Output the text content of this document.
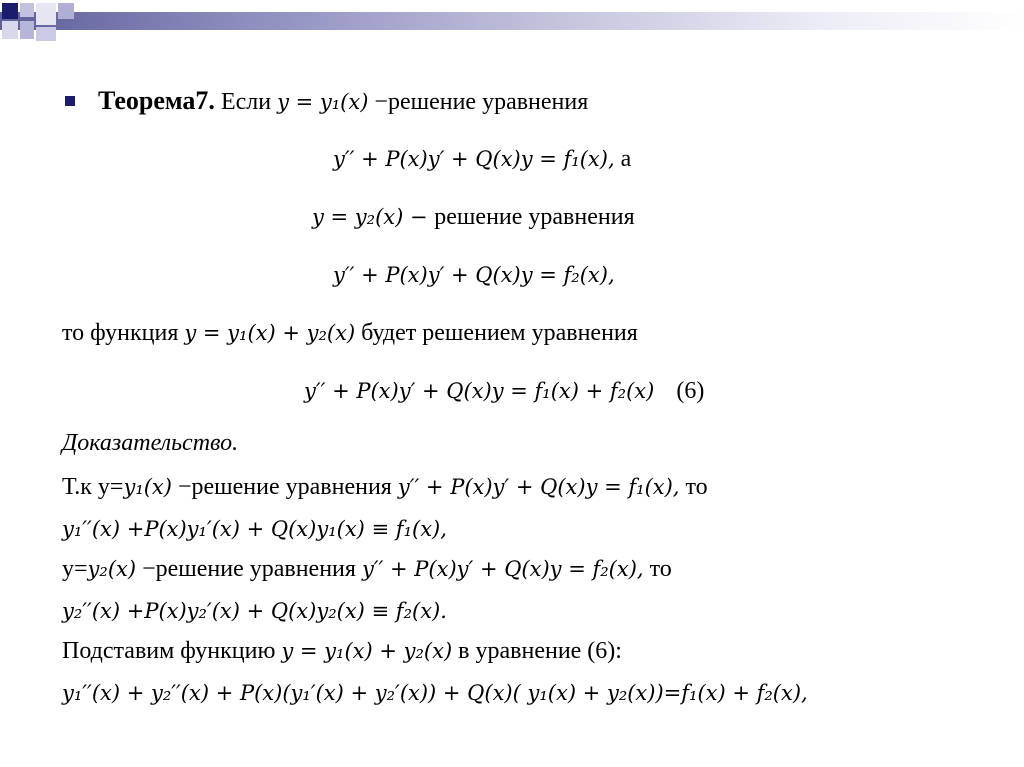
Теорема7. Если y = y₁(x) −решение уравнения
y′′ + P(x)y′ + Q(x)y = f₁(x), а
y = y₂(x) − решение уравнения
y′′ + P(x)y′ + Q(x)y = f₂(x),
то функция y = y₁(x) + y₂(x) будет решением уравнения
y′′ + P(x)y′ + Q(x)y = f₁(x) + f₂(x) (6)
Доказательство.
Т.к y=y₁(x) −решение уравнения y′′ + P(x)y′ + Q(x)y = f₁(x), то
y₁′′(x) +P(x)y₁′(x) + Q(x)y₁(x) ≡ f₁(x),
y=y₂(x) −решение уравнения y′′ + P(x)y′ + Q(x)y = f₂(x), то
y₂′′(x) +P(x)y₂′(x) + Q(x)y₂(x) ≡ f₂(x).
Подставим функцию y = y₁(x) + y₂(x) в уравнение (6):
y₁′′(x) + y₂′′(x) + P(x)(y₁′(x) + y₂′(x)) + Q(x)( y₁(x) + y₂(x))=f₁(x) + f₂(x),
